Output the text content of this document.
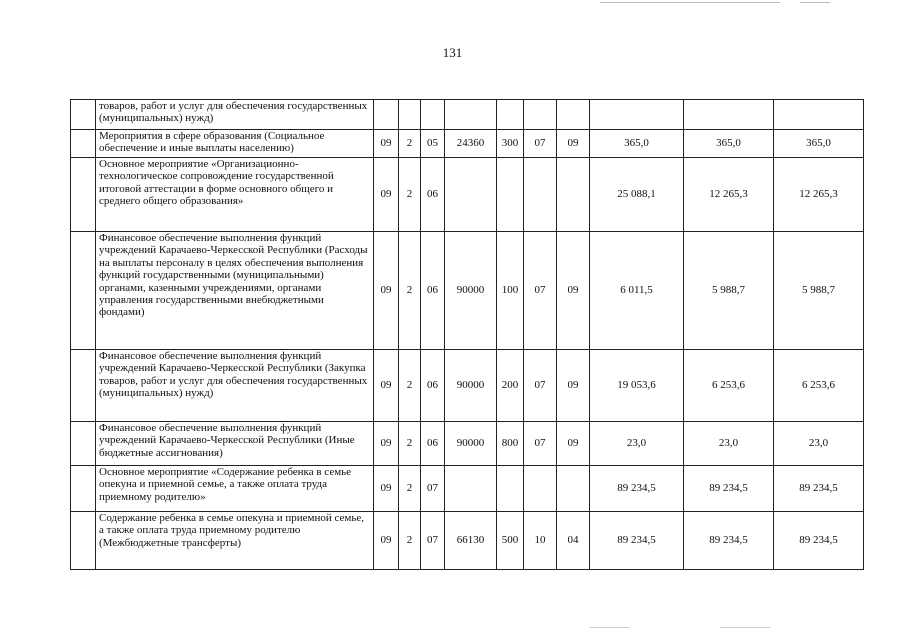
131
	товаров, работ и услуг для обеспечения государственных (муниципальных) нужд)										
	Мероприятия в сфере образования (Социальное обеспечение и иные выплаты населению)	09	2	05	24360	300	07	09	365,0	365,0	365,0
	Основное мероприятие «Организационно-технологическое сопровождение государственной итоговой аттестации в форме основного общего и среднего общего образования»	09	2	06					25 088,1	12 265,3	12 265,3
	Финансовое обеспечение выполнения функций учреждений Карачаево-Черкесской Республики (Расходы на выплаты персоналу в целях обеспечения выполнения функций государственными (муниципальными) органами, казенными учреждениями, органами управления государственными внебюджетными фондами)	09	2	06	90000	100	07	09	6 011,5	5 988,7	5 988,7
	Финансовое обеспечение выполнения функций учреждений Карачаево-Черкесской Республики (Закупка товаров, работ и услуг для обеспечения государственных (муниципальных) нужд)	09	2	06	90000	200	07	09	19 053,6	6 253,6	6 253,6
	Финансовое обеспечение выполнения функций учреждений Карачаево-Черкесской Республики (Иные бюджетные ассигнования)	09	2	06	90000	800	07	09	23,0	23,0	23,0
	Основное мероприятие «Содержание ребенка в семье опекуна и приемной семье, а также оплата труда приемному родителю»	09	2	07					89 234,5	89 234,5	89 234,5
	Содержание ребенка в семье опекуна и приемной семье, а также оплата труда приемному родителю (Межбюджетные трансферты)	09	2	07	66130	500	10	04	89 234,5	89 234,5	89 234,5
